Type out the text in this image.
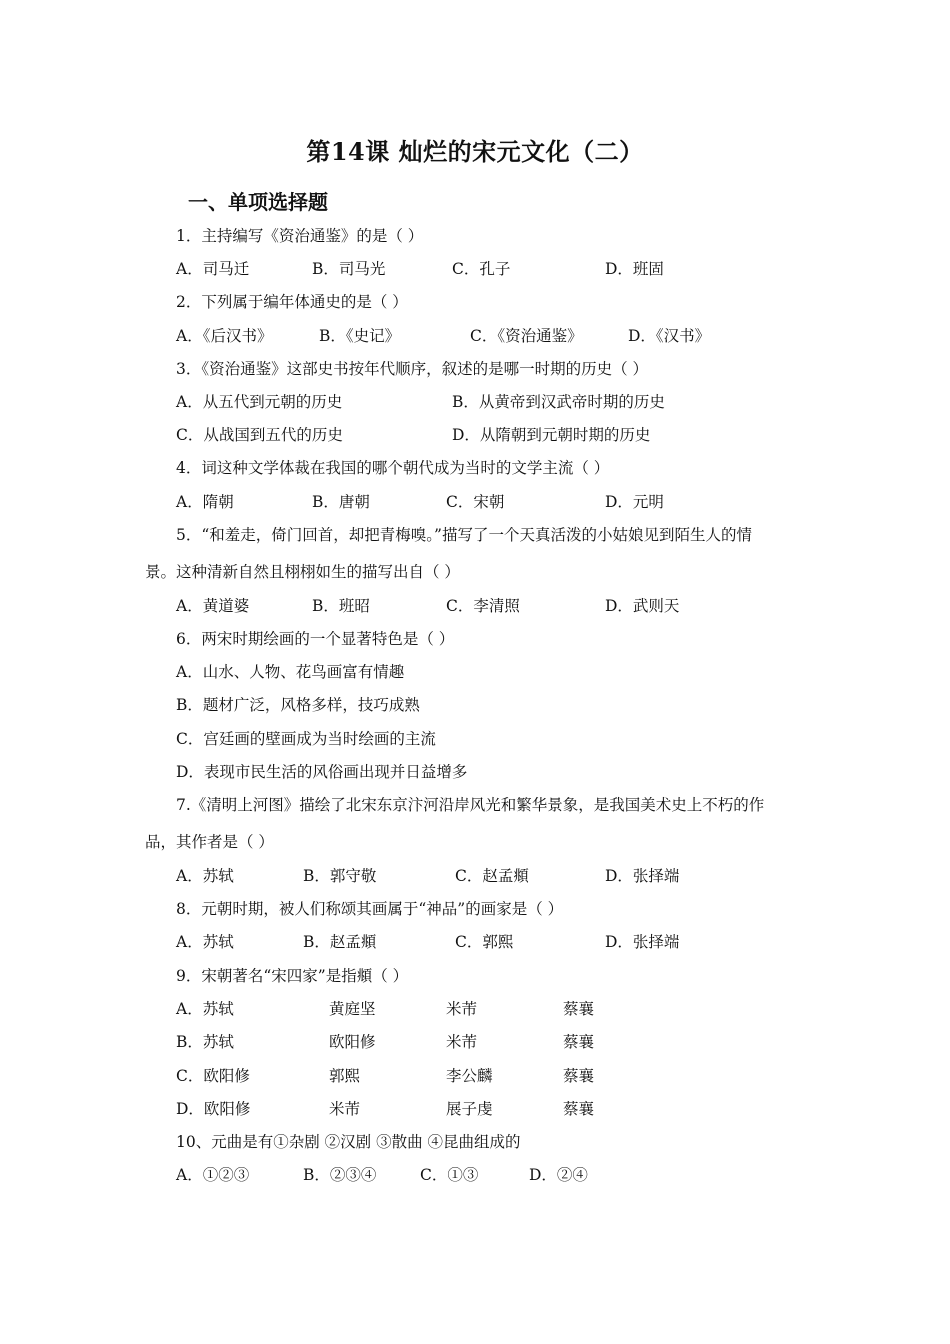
第14课 灿烂的宋元文化（二）
一、单项选择题
1．主持编写《资治通鉴》的是（ ）
A．司马迁	B．司马光	C．孔子	D．班固
2．下列属于编年体通史的是（ ）
A．《后汉书》	B．《史记》	C．《资治通鉴》	D．《汉书》
3．《资治通鉴》这部史书按年代顺序，叙述的是哪一时期的历史（ ）
A．从五代到元朝的历史	B．从黄帝到汉武帝时期的历史
C．从战国到五代的历史	D．从隋朝到元朝时期的历史
4．词这种文学体裁在我国的哪个朝代成为当时的文学主流（ ）
A．隋朝	B．唐朝	C．宋朝	D．元明
5．“和羞走，倚门回首，却把青梅嗅。”描写了一个天真活泼的小姑娘见到陌生人的情
景。这种清新自然且栩栩如生的描写出自（ ）
A．黄道婆	B．班昭	C．李清照	D．武则天
6．两宋时期绘画的一个显著特色是（ ）
A．山水、人物、花鸟画富有情趣
B．题材广泛，风格多样，技巧成熟
C．宫廷画的壁画成为当时绘画的主流
D．表现市民生活的风俗画出现并日益增多
7.《清明上河图》描绘了北宋东京汴河沿岸风光和繁华景象，是我国美术史上不朽的作
品，其作者是（ ）
A．苏轼	B．郭守敬	C．赵孟頫	D．张择端
8．元朝时期，被人们称颂其画属于“神品”的画家是（ ）
A．苏轼	B．赵孟頫	C．郭熙	D．张择端
9．宋朝著名“宋四家”是指頫（ ）
A．苏轼	黄庭坚	米芾	蔡襄
B．苏轼	欧阳修	米芾	蔡襄
C．欧阳修	郭熙	李公麟	蔡襄
D．欧阳修	米芾	展子虔	蔡襄
10、元曲是有①杂剧 ②汉剧 ③散曲 ④昆曲组成的
A．①②③	B．②③④	C．①③	D．②④
